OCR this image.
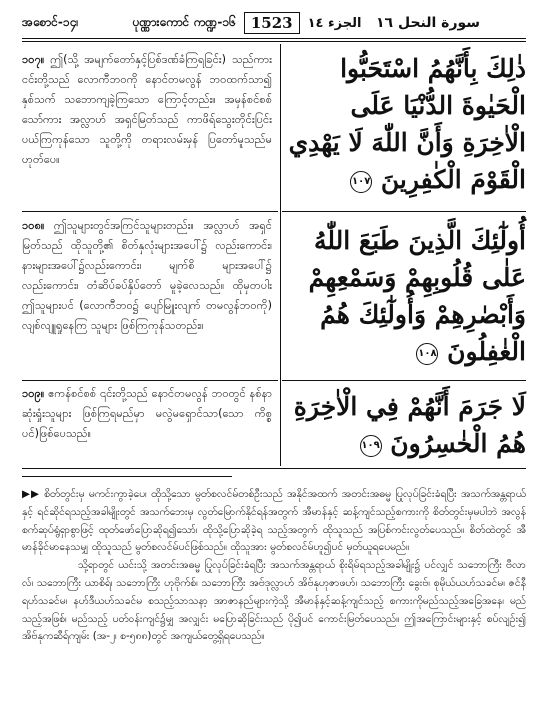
အစောင်-၁၄၊	ပုဏ္ဏားကောင် ကဏ္ဍ-၁၆	1523	الجزء ١٤ سورة النحل ١٦

၁၀၇။ ဤ(သို့ အမျက်တော်နှင့်ပြစ်ဒဏ်ခံကြရခြင်း) သည်ကားငင်းတို့သည် လောကီဘဝကို နောင်တမလွန် ဘဝထက်သာ၍ နှစ်သက် သဘောကျခဲ့ကြသော ကြောင့်တည်း။ အမှန်စင်စစ်သော်ကား အလ္လာဟ် အရှင်မြတ်သည် ကာဖိရ်သွေးတိုင်းပြင်းပယ်ကြကုန်သော သူတို့ကို တရားလမ်းမှန် ပြတော်မူသည်မဟုတ်ပေ။

၁၀၈။ ဤသူများတွင်အကြင်သူများတည်း။ အလ္လာဟ် အရှင်မြတ်သည် ထိုသူတို့၏ စိတ်နှလုံးများအပေါ်၌ လည်းကောင်း၊ နားများအပေါ်၌လည်းကောင်း၊ မျက်စိ များအပေါ်၌ လည်းကောင်း၊ တံဆိပ်ခပ်နှိပ်တော် မူခဲ့လေသည်။ ထိုမှတပါး ဤသူများပင် (လောကီဘဝ၌ ပျော်မြူးလျက် တမလွန်ဘဝကို) လျစ်လျူရှုနေကြ သူများ ဖြစ်ကြကုန်သတည်း။

၁၀၉။ ဧကန်စင်စစ် ၎င်းတို့သည် နောင်တမလွန် ဘဝတွင် နစ်နာဆုံးရှုံးသူများ ဖြစ်ကြရမည်မှာ မလွဲမရှောင်သာ(သော ကိစ္စပင်)ဖြစ်ပေသည်။

ذٰلِكَ بِأَنَّهُمُ اسْتَحَبُّوا الْحَيٰوةَ الدُّنْيَا عَلَى الْاٰخِرَةِ وَأَنَّ اللّٰهَ لَا يَهْدِي الْقَوْمَ الْكٰفِرِينَ ١٠٧

أُولٰٓئِكَ الَّذِينَ طَبَعَ اللّٰهُ عَلٰى قُلُوبِهِمْ وَسَمْعِهِمْ وَأَبْصٰرِهِمْ وَأُولٰٓئِكَ هُمُ الْغٰفِلُونَ ١٠٨

لَا جَرَمَ أَنَّهُمْ فِي الْاٰخِرَةِ هُمُ الْخٰسِرُونَ ١٠٩

▶▶ စိတ်တွင်းမှ မကင်းကွာခဲ့ပေ၊ ထိုသို့သော မွတ်စလင်မ်တစ်ဦးသည် အနိုင်အထက် အတင်းအဓမ္မ ပြုလုပ်ခြင်းခံရပြီး အသက်အန္တရာယ်နှင့် ရင်ဆိုင်ရသည့်အခါမျိုးတွင် အသက်ဘေးမှ လွတ်မြောက်နိုင်ရန်အတွက် အီမာန်နှင့် ဆန့်ကျင်သည့်စကားကို စိတ်တွင်းမှမပါဘဲ အလွန်စက်ဆုပ်ရွံရှာစွာဖြင့် ထုတ်ဖော်ပြောဆိုရ၍သော်၊ ထိုသို့ပြောဆိုခဲ့ရ သည့်အတွက် ထိုသူသည် အပြစ်ကင်းလွတ်ပေသည်။ စိတ်ထဲတွင် အီမာန်ခိုင်မာနေသမျှ ထိုသူသည် မွတ်စလင်မ်ပင်ဖြစ်သည်။ ထိုသူအား မွတ်စလင်မ်ဟူ၍ပင် မှတ်ယူရပေမည်။

သို့ရာတွင် ယင်းသို့ အတင်းအဓမ္မ ပြုလုပ်ခြင်းခံရပြီး အသက်အန္တရာယ် စိုးရိမ်ရသည့်အခါမျိုး၌ ပင်လျှင် သဘောကြီး ဗီလာလ်၊ သဘောကြီး ယာစိရ်၊ သဘောကြီး ဟုဗိုက်စ်၊ သဘောကြီး အဗ်ဒုလ္လာဟ် အိဗ်နုဟုဇာဖဟ်၊ သဘောကြီး ခွေးဗ်၊ စုမိုယ်ယဟ်သခင်မ၊ ဇင်နီရဟ်သခင်မ၊ နဟ်ဒီယဟ်သခင်မ စသည့်သာသနာ့ အာဇာနည်များကဲ့သို့ အီမာန်နှင့်ဆန့်ကျင်သည့် စကားကိုမည်သည့်အခြေအနေ၊ မည်သည့်အဖြစ်၊ မည်သည့် ပတ်ဝန်းကျင်၌မျှ အလျှင်း မပြောဆိုခြင်းသည် ပို၍ပင် ကောင်းမြတ်ပေသည်။ ဤအကြောင်းများနှင့် စပ်လျဉ်း၍ အိဗ်နုကဆီရ်ကျမ်း (အ-၂၊ စ-၅၈၈)တွင် အကျယ်တွေ့ရှိရပေသည်။
